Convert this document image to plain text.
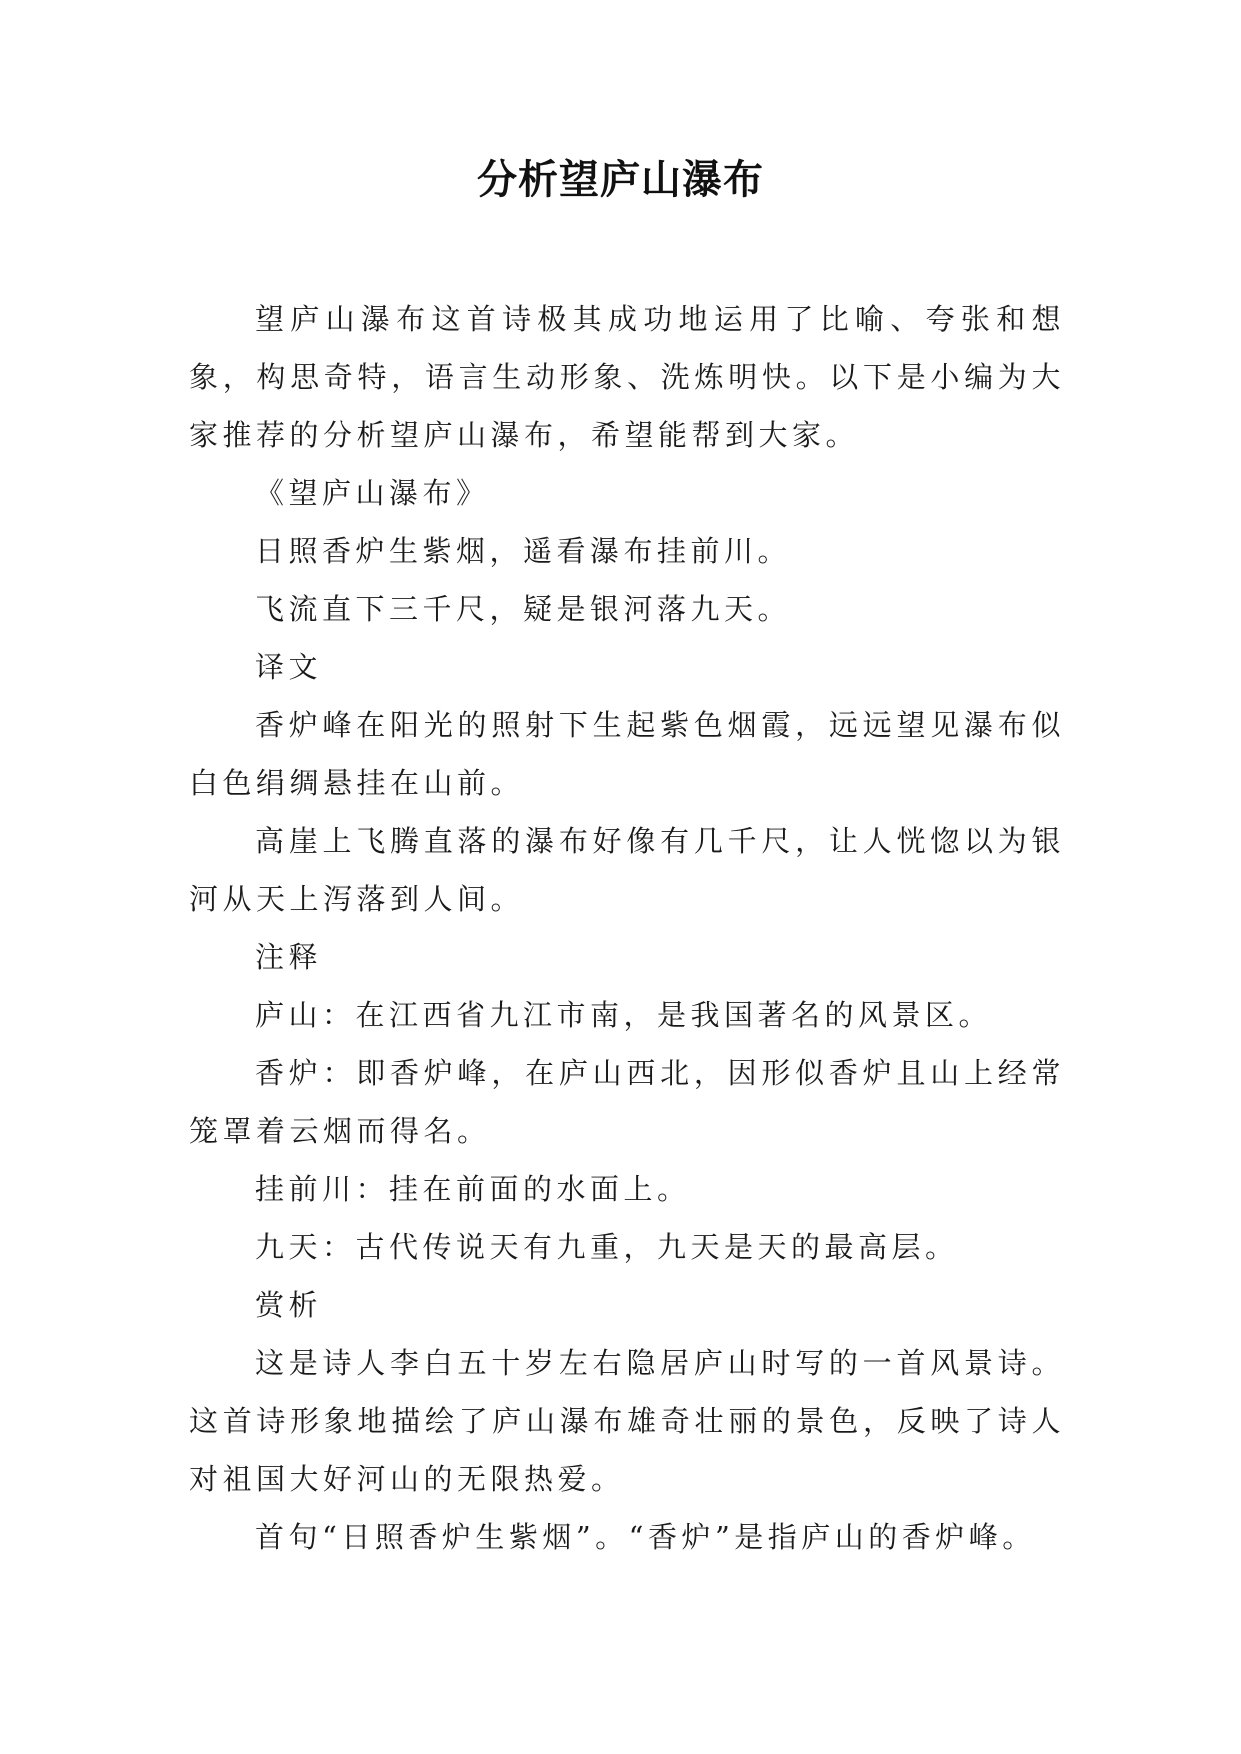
分析望庐山瀑布

望庐山瀑布这首诗极其成功地运用了比喻、夸张和想象，构思奇特，语言生动形象、洗炼明快。以下是小编为大家推荐的分析望庐山瀑布，希望能帮到大家。

《望庐山瀑布》

日照香炉生紫烟，遥看瀑布挂前川。

飞流直下三千尺，疑是银河落九天。

译文

香炉峰在阳光的照射下生起紫色烟霞，远远望见瀑布似白色绢绸悬挂在山前。

高崖上飞腾直落的瀑布好像有几千尺，让人恍惚以为银河从天上泻落到人间。

注释

庐山：在江西省九江市南，是我国著名的风景区。

香炉：即香炉峰，在庐山西北，因形似香炉且山上经常笼罩着云烟而得名。

挂前川：挂在前面的水面上。

九天：古代传说天有九重，九天是天的最高层。

赏析

这是诗人李白五十岁左右隐居庐山时写的一首风景诗。这首诗形象地描绘了庐山瀑布雄奇壮丽的景色，反映了诗人对祖国大好河山的无限热爱。

首句“日照香炉生紫烟”。“香炉”是指庐山的香炉峰。
